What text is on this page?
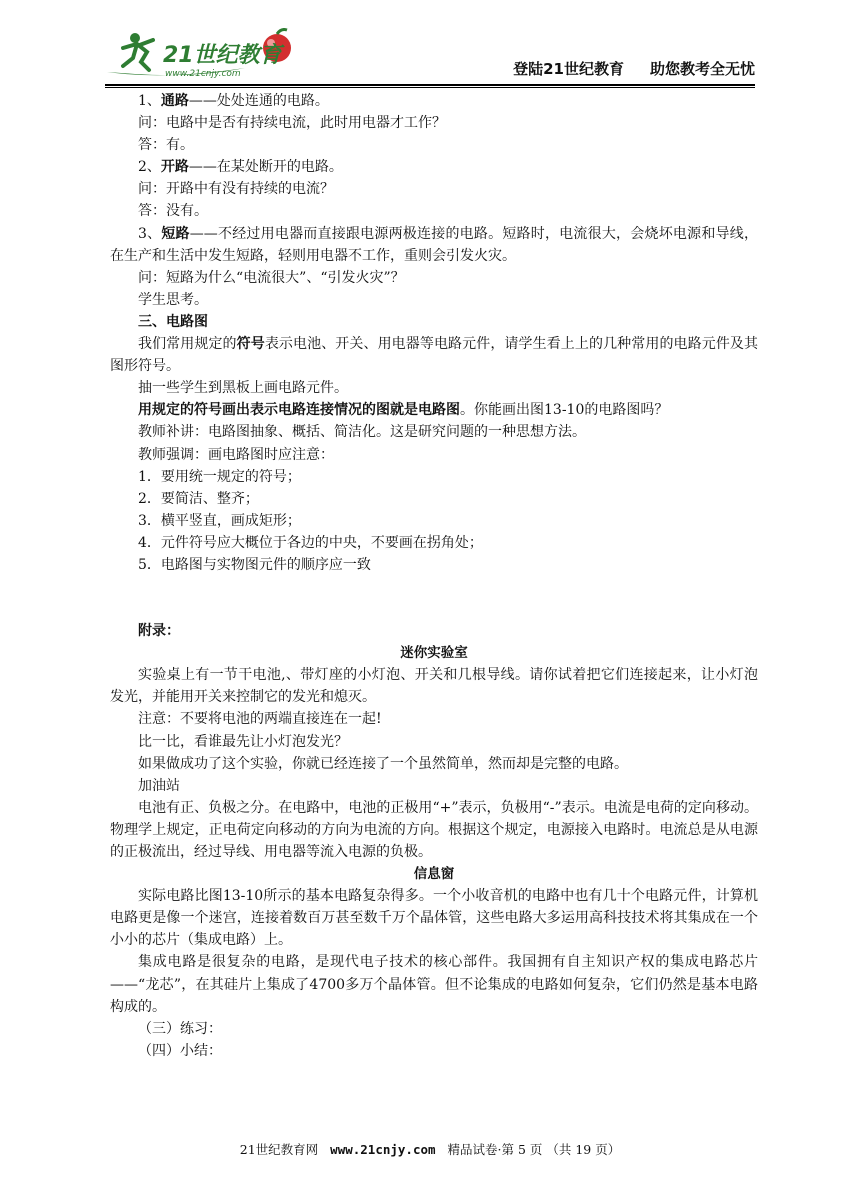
21世纪教育
www.21cnjy.com	登陆21世纪教育 助您教考全无忧

1、通路——处处连通的电路。

问：电路中是否有持续电流，此时用电器才工作？

答：有。

2、开路——在某处断开的电路。

问：开路中有没有持续的电流？

答：没有。

3、短路——不经过用电器而直接跟电源两极连接的电路。短路时，电流很大，会烧坏电源和导线，在生产和生活中发生短路，轻则用电器不工作，重则会引发火灾。

问：短路为什么“电流很大”、“引发火灾”？

学生思考。

三、电路图

我们常用规定的符号表示电池、开关、用电器等电路元件，请学生看上上的几种常用的电路元件及其图形符号。

抽一些学生到黑板上画电路元件。

用规定的符号画出表示电路连接情况的图就是电路图。你能画出图13-10的电路图吗？

教师补讲：电路图抽象、概括、简洁化。这是研究问题的一种思想方法。

教师强调：画电路图时应注意：

1．要用统一规定的符号；

2．要简洁、整齐；

3．横平竖直，画成矩形；

4．元件符号应大概位于各边的中央，不要画在拐角处；

5．电路图与实物图元件的顺序应一致

附录：

迷你实验室

实验桌上有一节干电池,、带灯座的小灯泡、开关和几根导线。请你试着把它们连接起来，让小灯泡发光，并能用开关来控制它的发光和熄灭。

注意：不要将电池的两端直接连在一起!

比一比，看谁最先让小灯泡发光？

如果做成功了这个实验，你就已经连接了一个虽然简单，然而却是完整的电路。

加油站

电池有正、负极之分。在电路中，电池的正极用“+”表示，负极用“-”表示。电流是电荷的定向移动。物理学上规定，正电荷定向移动的方向为电流的方向。根据这个规定，电源接入电路时。电流总是从电源的正极流出，经过导线、用电器等流入电源的负极。

信息窗

实际电路比图13-10所示的基本电路复杂得多。一个小收音机的电路中也有几十个电路元件，计算机电路更是像一个迷宫，连接着数百万甚至数千万个晶体管，这些电路大多运用高科技技术将其集成在一个小小的芯片（集成电路）上。

集成电路是很复杂的电路，是现代电子技术的核心部件。我国拥有自主知识产权的集成电路芯片——“龙芯”，在其硅片上集成了4700多万个晶体管。但不论集成的电路如何复杂，它们仍然是基本电路构成的。

（三）练习：

（四）小结：

21世纪教育网 www.21cnjy.com 精品试卷·第 5 页 （共 19 页）
